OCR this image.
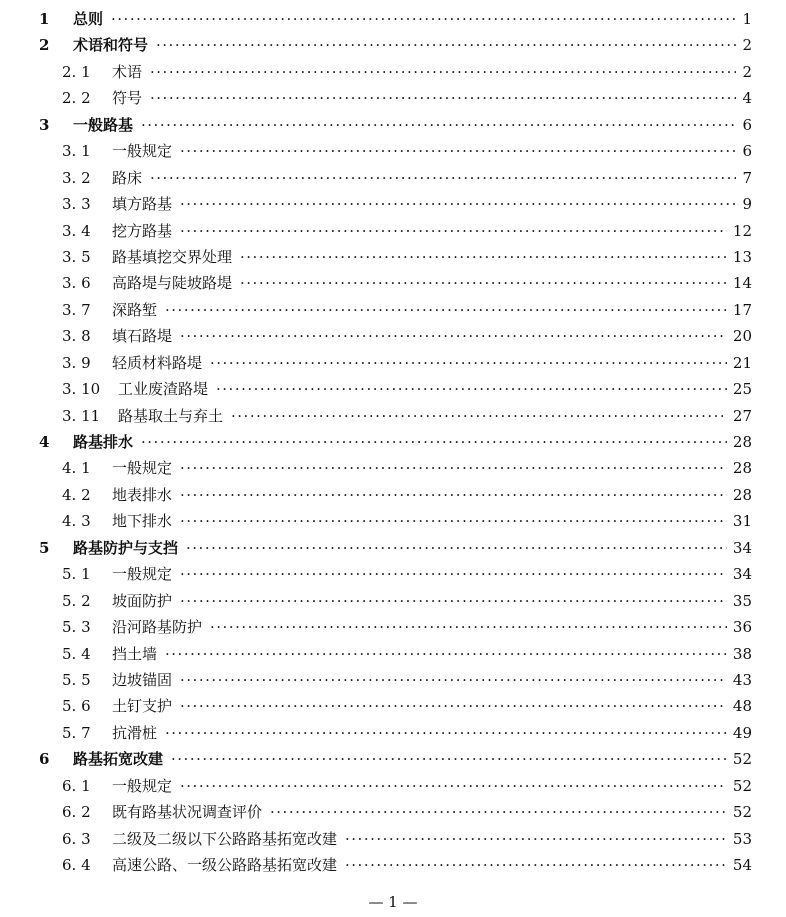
1	总则 ·····	1
2	术语和符号 ·····	2
2. 1	术语 ·····	2
2. 2	符号 ·····	4
3	一般路基 ·····	6
3. 1	一般规定 ·····	6
3. 2	路床 ·····	7
3. 3	填方路基 ·····	9
3. 4	挖方路基 ·····	12
3. 5	路基填挖交界处理 ·····	13
3. 6	高路堤与陡坡路堤 ·····	14
3. 7	深路堑 ·····	17
3. 8	填石路堤 ·····	20
3. 9	轻质材料路堤 ·····	21
3. 10	工业废渣路堤 ·····	25
3. 11	路基取土与弃土 ·····	27
4	路基排水 ·····	28
4. 1	一般规定 ·····	28
4. 2	地表排水 ·····	28
4. 3	地下排水 ·····	31
5	路基防护与支挡 ·····	34
5. 1	一般规定 ·····	34
5. 2	坡面防护 ·····	35
5. 3	沿河路基防护 ·····	36
5. 4	挡土墙 ·····	38
5. 5	边坡锚固 ·····	43
5. 6	土钉支护 ·····	48
5. 7	抗滑桩 ·····	49
6	路基拓宽改建 ·····	52
6. 1	一般规定 ·····	52
6. 2	既有路基状况调查评价 ·····	52
6. 3	二级及二级以下公路路基拓宽改建 ·····	53
6. 4	高速公路、一级公路路基拓宽改建 ·····	54
— 1 —
